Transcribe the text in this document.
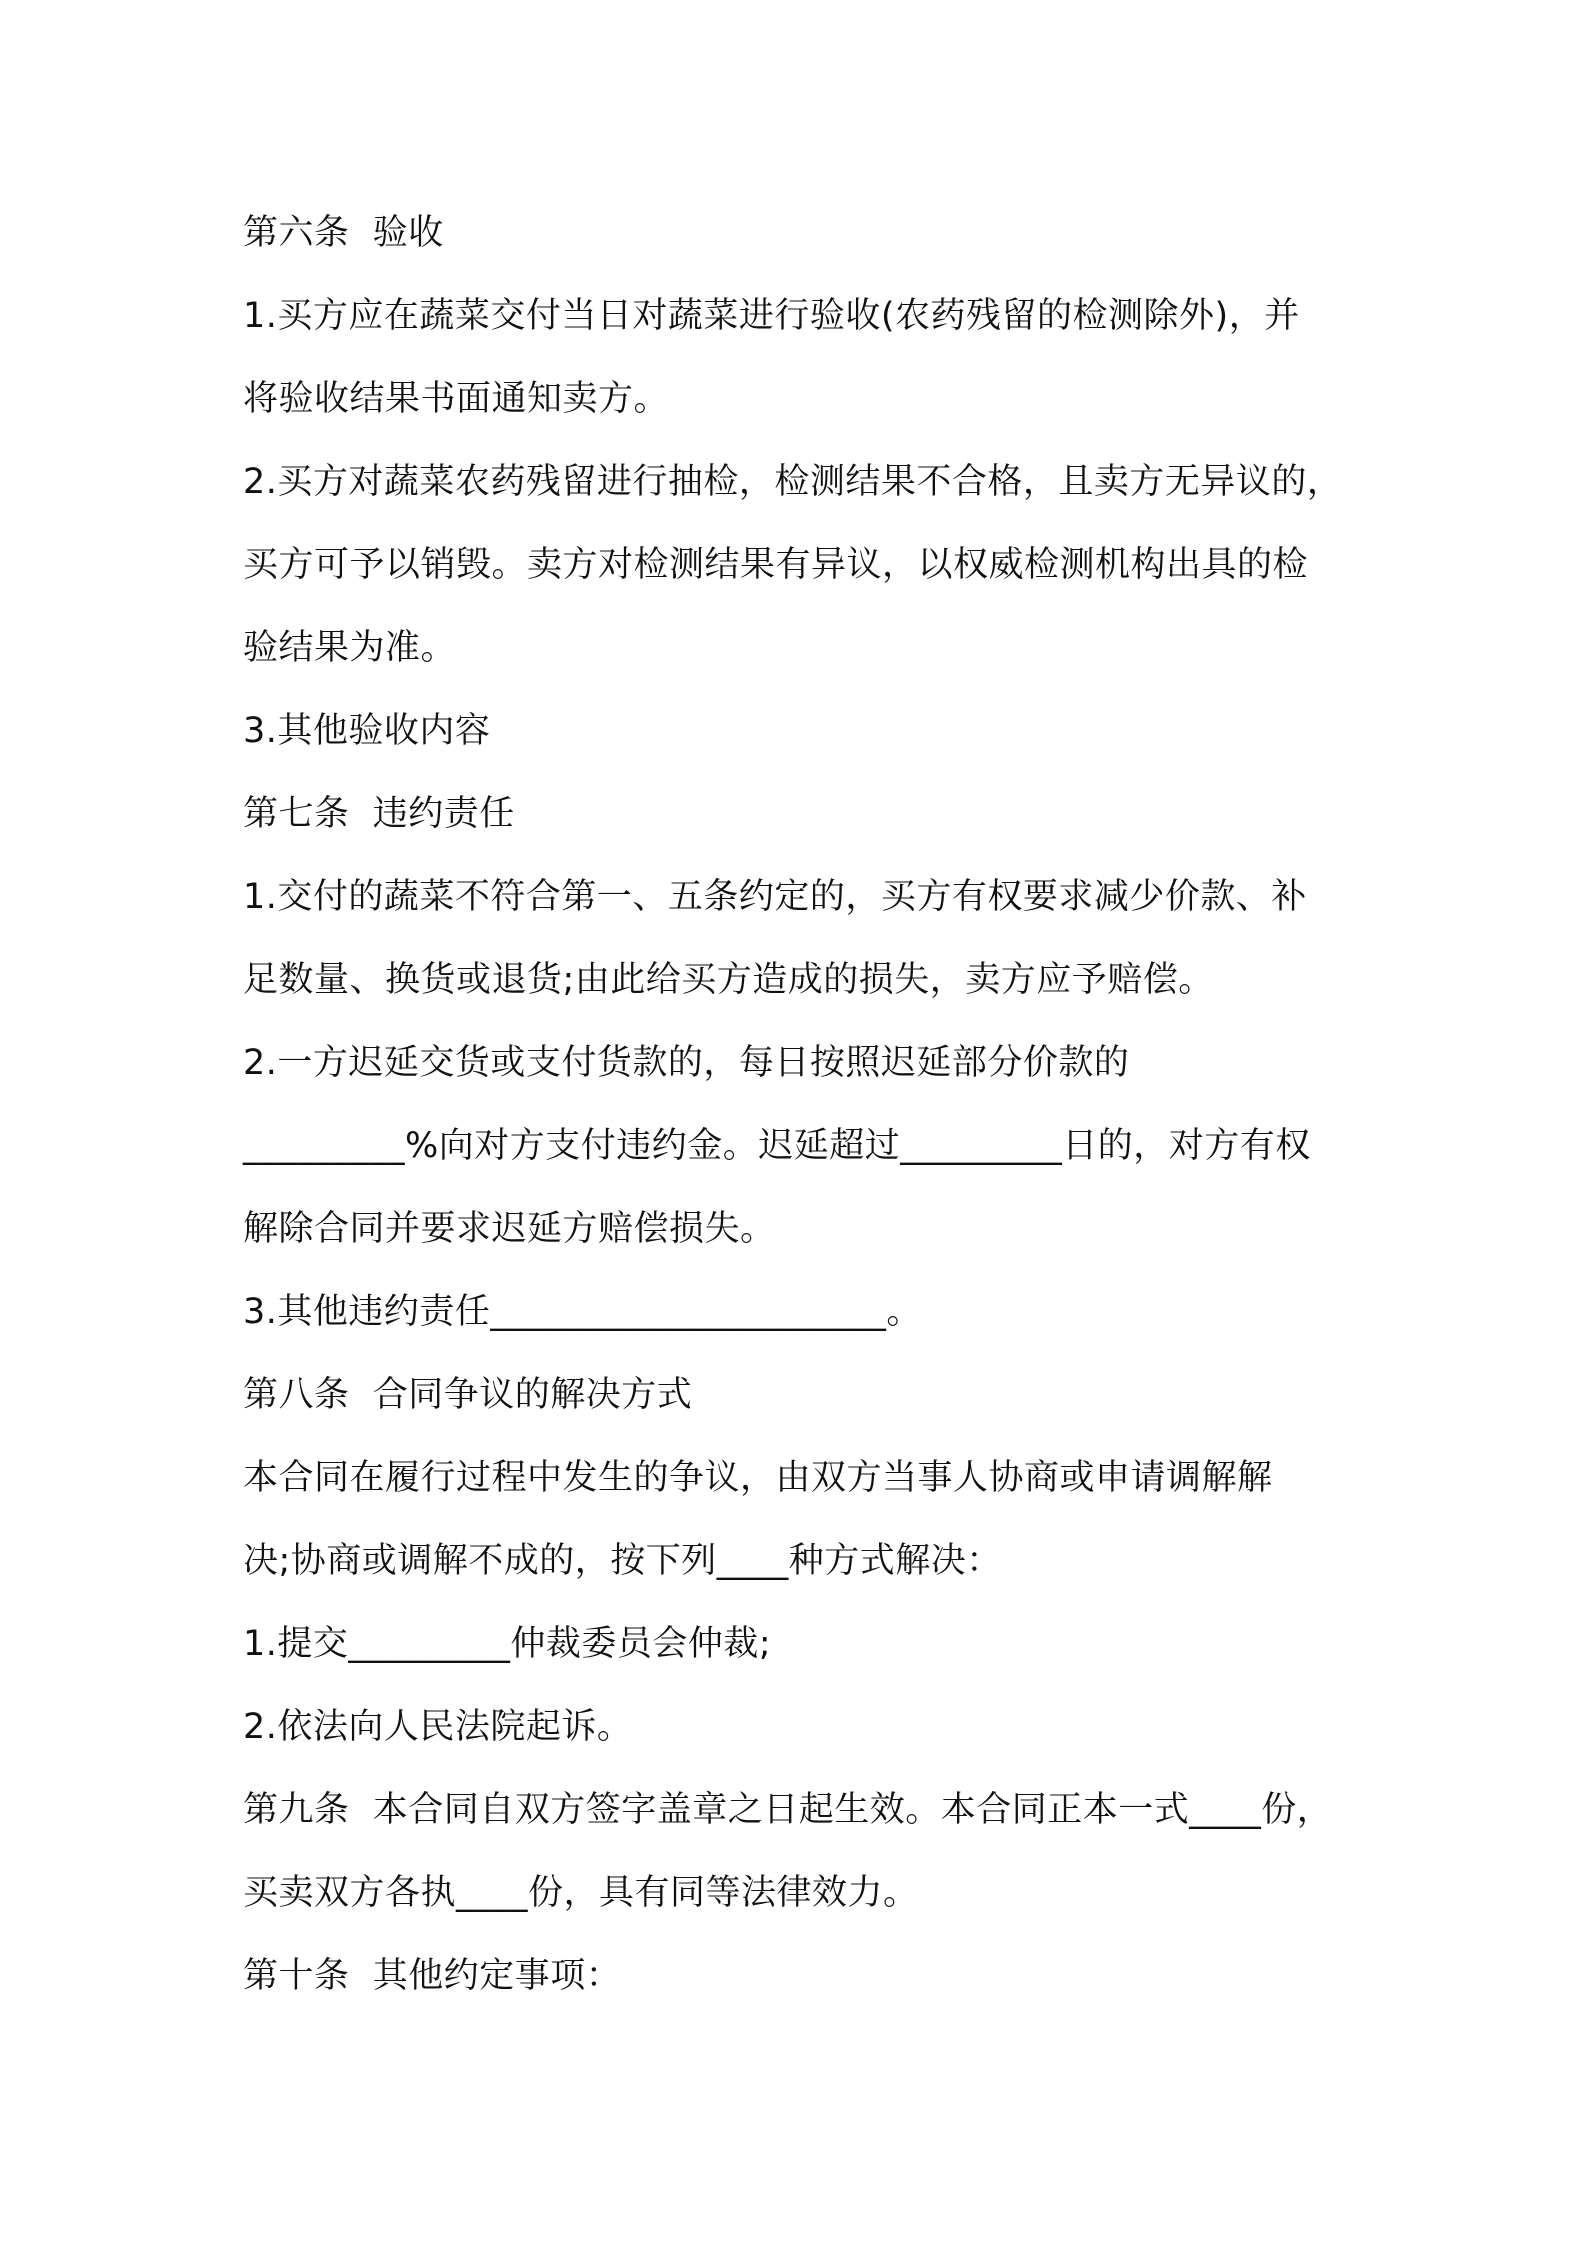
第六条  验收

1.买方应在蔬菜交付当日对蔬菜进行验收(农药残留的检测除外)，并

将验收结果书面通知卖方。

2.买方对蔬菜农药残留进行抽检，检测结果不合格，且卖方无异议的，

买方可予以销毁。卖方对检测结果有异议，以权威检测机构出具的检

验结果为准。

3.其他验收内容

第七条  违约责任

1.交付的蔬菜不符合第一、五条约定的，买方有权要求减少价款、补

足数量、换货或退货;由此给买方造成的损失，卖方应予赔偿。

2.一方迟延交货或支付货款的，每日按照迟延部分价款的

_________%向对方支付违约金。迟延超过_________日的，对方有权

解除合同并要求迟延方赔偿损失。

3.其他违约责任______________________。

第八条  合同争议的解决方式

本合同在履行过程中发生的争议，由双方当事人协商或申请调解解

决;协商或调解不成的，按下列____种方式解决：

1.提交_________仲裁委员会仲裁;

2.依法向人民法院起诉。

第九条  本合同自双方签字盖章之日起生效。本合同正本一式____份，

买卖双方各执____份，具有同等法律效力。

第十条  其他约定事项：
